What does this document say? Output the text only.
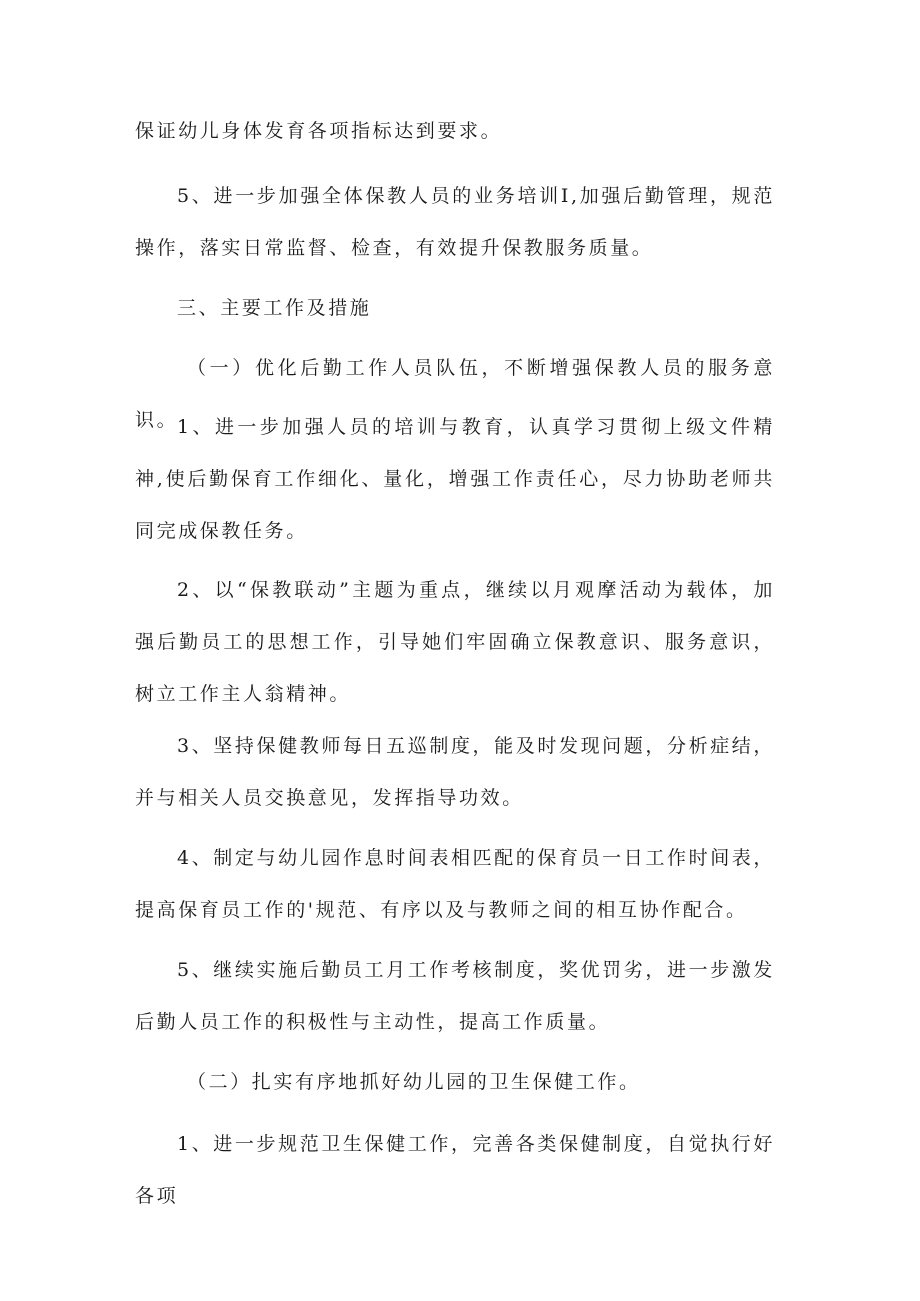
保证幼儿身体发育各项指标达到要求。

5、进一步加强全体保教人员的业务培训I,加强后勤管理，规范操作，落实日常监督、检查，有效提升保教服务质量。

三、主要工作及措施

（一）优化后勤工作人员队伍，不断增强保教人员的服务意识。

1、进一步加强人员的培训与教育，认真学习贯彻上级文件精神,使后勤保育工作细化、量化，增强工作责任心，尽力协助老师共同完成保教任务。

2、以“保教联动”主题为重点，继续以月观摩活动为载体，加强后勤员工的思想工作，引导她们牢固确立保教意识、服务意识，树立工作主人翁精神。

3、坚持保健教师每日五巡制度，能及时发现问题，分析症结，并与相关人员交换意见，发挥指导功效。

4、制定与幼儿园作息时间表相匹配的保育员一日工作时间表，提高保育员工作的'规范、有序以及与教师之间的相互协作配合。

5、继续实施后勤员工月工作考核制度，奖优罚劣，进一步激发后勤人员工作的积极性与主动性，提高工作质量。

（二）扎实有序地抓好幼儿园的卫生保健工作。

1、进一步规范卫生保健工作，完善各类保健制度，自觉执行好各项
